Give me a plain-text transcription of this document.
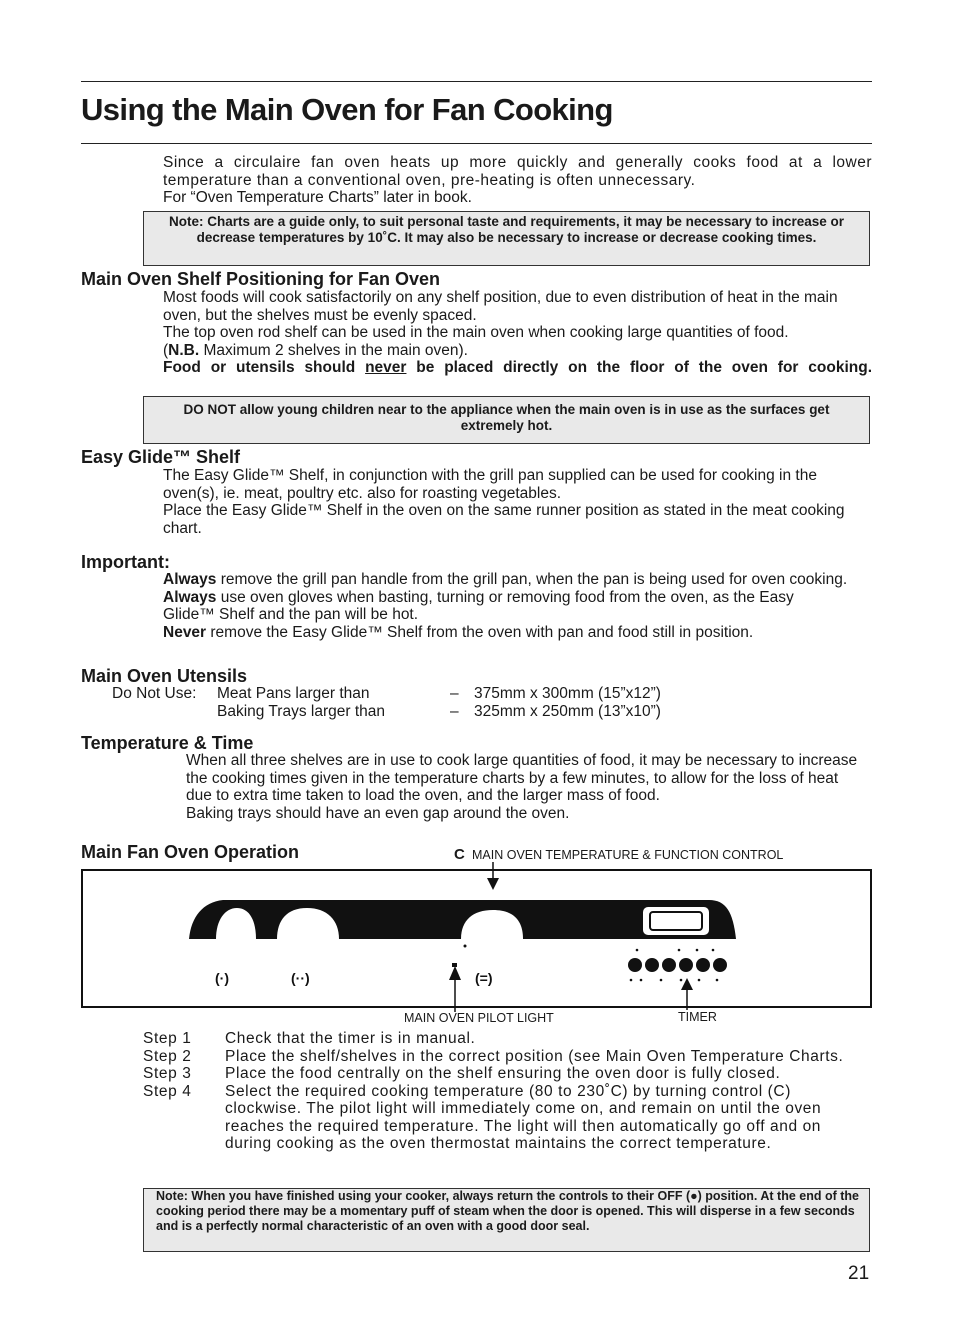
Using the Main Oven for Fan Cooking

Since a circulaire fan oven heats up more quickly and generally cooks food at a lower temperature than a conventional oven, pre-heating is often unnecessary.

For “Oven Temperature Charts” later in book.

Note: Charts are a guide only, to suit personal taste and requirements, it may be necessary to increase or decrease temperatures by 10˚C. It may also be necessary to increase or decrease cooking times.
Main Oven Shelf Positioning for Fan Oven

Most foods will cook satisfactorily on any shelf position, due to even distribution of heat in the main oven, but the shelves must be evenly spaced.

The top oven rod shelf can be used in the main oven when cooking large quantities of food.
(N.B. Maximum 2 shelves in the main oven).

Food or utensils should never be placed directly on the floor of the oven for cooking.

DO NOT allow young children near to the appliance when the main oven is in use as the surfaces get extremely hot.
Easy Glide™ Shelf

The Easy Glide™ Shelf, in conjunction with the grill pan supplied can be used for cooking in the oven(s), ie. meat, poultry etc. also for roasting vegetables.

Place the Easy Glide™ Shelf in the oven on the same runner position as stated in the meat cooking chart.

Important:

Always remove the grill pan handle from the grill pan, when the pan is being used for oven cooking.

Always use oven gloves when basting, turning or removing food from the oven, as the Easy Glide™ Shelf and the pan will be hot.

Never remove the Easy Glide™ Shelf from the oven with pan and food still in position.

Main Oven Utensils
Do Not Use: Meat Pans larger than	– 375mm x 300mm (15”x12”)
Baking Trays larger than	– 325mm x 250mm (13”x10”)
Temperature & Time

When all three shelves are in use to cook large quantities of food, it may be necessary to increase the cooking times given in the temperature charts by a few minutes, to allow for the loss of heat due to extra time taken to load the oven, and the larger mass of food.

Baking trays should have an even gap around the oven.

Main Fan Oven Operation	C MAIN OVEN TEMPERATURE & FUNCTION CONTROL
(·)	(··)	(=)
MAIN OVEN PILOT LIGHT	TIMER
Step 1 Check that the timer is in manual.
Step 2 Place the shelf/shelves in the correct position (see Main Oven Temperature Charts.
Step 3 Place the food centrally on the shelf ensuring the oven door is fully closed.
Step 4 Select the required cooking temperature (80 to 230˚C) by turning control (C) clockwise. The pilot light will immediately come on, and remain on until the oven reaches the required temperature. The light will then automatically go off and on during cooking as the oven thermostat maintains the correct temperature.
Note: When you have finished using your cooker, always return the controls to their OFF (●) position. At the end of the cooking period there may be a momentary puff of steam when the door is opened. This will disperse in a few seconds and is a perfectly normal characteristic of an oven with a good door seal.
21
